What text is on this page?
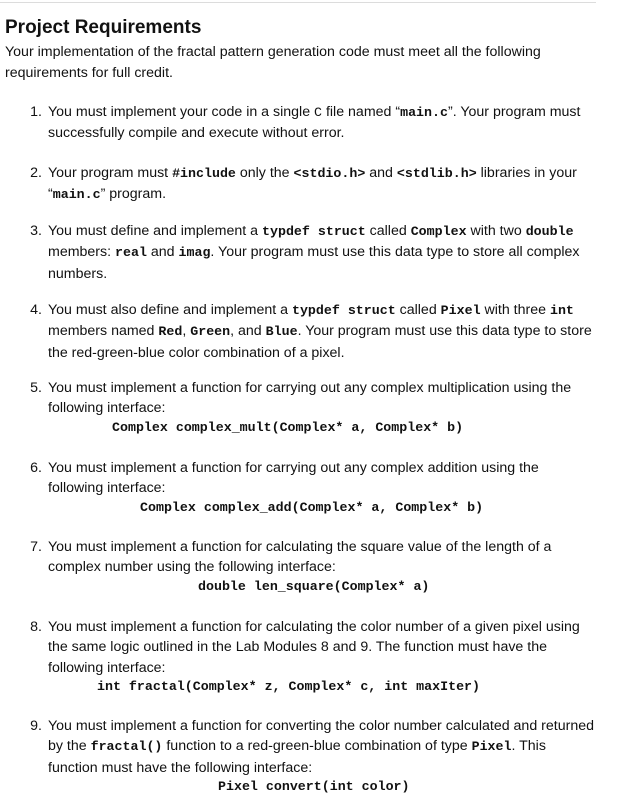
Project Requirements

Your implementation of the fractal pattern generation code must meet all the following requirements for full credit.

1. You must implement your code in a single C file named “main.c”. Your program must successfully compile and execute without error.
2. Your program must #include only the <stdio.h> and <stdlib.h> libraries in your “main.c” program.
3. You must define and implement a typdef struct called Complex with two double members: real and imag. Your program must use this data type to store all complex numbers.
4. You must also define and implement a typdef struct called Pixel with three int members named Red, Green, and Blue. Your program must use this data type to store the red-green-blue color combination of a pixel.
5. You must implement a function for carrying out any complex multiplication using the following interface:
Complex complex_mult(Complex* a, Complex* b)
6. You must implement a function for carrying out any complex addition using the following interface:
Complex complex_add(Complex* a, Complex* b)
7. You must implement a function for calculating the square value of the length of a complex number using the following interface:
double len_square(Complex* a)
8. You must implement a function for calculating the color number of a given pixel using the same logic outlined in the Lab Modules 8 and 9. The function must have the following interface:
int fractal(Complex* z, Complex* c, int maxIter)
9. You must implement a function for converting the color number calculated and returned by the fractal() function to a red-green-blue combination of type Pixel. This function must have the following interface:
Pixel convert(int color)
